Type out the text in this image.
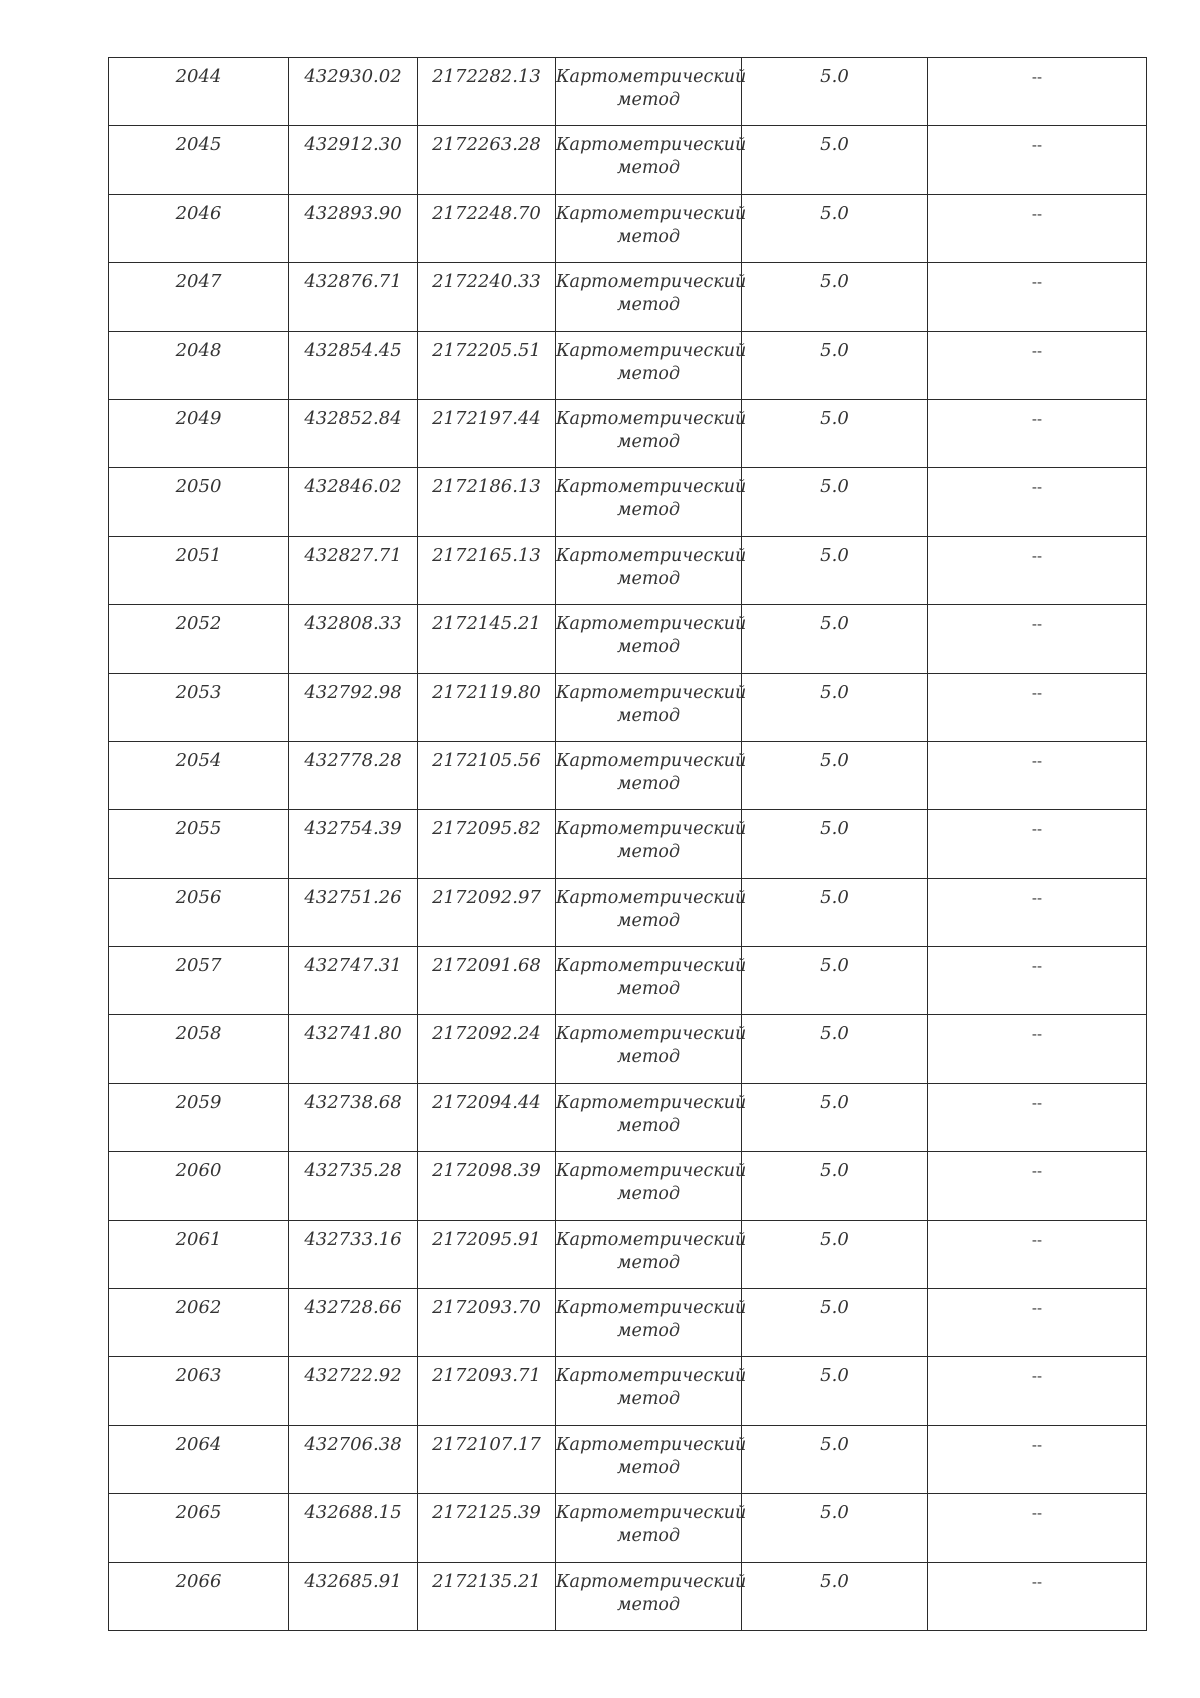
2044	432930.02	2172282.13	Картометрический
метод	5.0	--

2045	432912.30	2172263.28	Картометрический
метод	5.0	--

2046	432893.90	2172248.70	Картометрический
метод	5.0	--

2047	432876.71	2172240.33	Картометрический
метод	5.0	--

2048	432854.45	2172205.51	Картометрический
метод	5.0	--

2049	432852.84	2172197.44	Картометрический
метод	5.0	--

2050	432846.02	2172186.13	Картометрический
метод	5.0	--

2051	432827.71	2172165.13	Картометрический
метод	5.0	--

2052	432808.33	2172145.21	Картометрический
метод	5.0	--

2053	432792.98	2172119.80	Картометрический
метод	5.0	--

2054	432778.28	2172105.56	Картометрический
метод	5.0	--

2055	432754.39	2172095.82	Картометрический
метод	5.0	--

2056	432751.26	2172092.97	Картометрический
метод	5.0	--

2057	432747.31	2172091.68	Картометрический
метод	5.0	--

2058	432741.80	2172092.24	Картометрический
метод	5.0	--

2059	432738.68	2172094.44	Картометрический
метод	5.0	--

2060	432735.28	2172098.39	Картометрический
метод	5.0	--

2061	432733.16	2172095.91	Картометрический
метод	5.0	--

2062	432728.66	2172093.70	Картометрический
метод	5.0	--

2063	432722.92	2172093.71	Картометрический
метод	5.0	--

2064	432706.38	2172107.17	Картометрический
метод	5.0	--

2065	432688.15	2172125.39	Картометрический
метод	5.0	--

2066	432685.91	2172135.21	Картометрический
метод	5.0	--
